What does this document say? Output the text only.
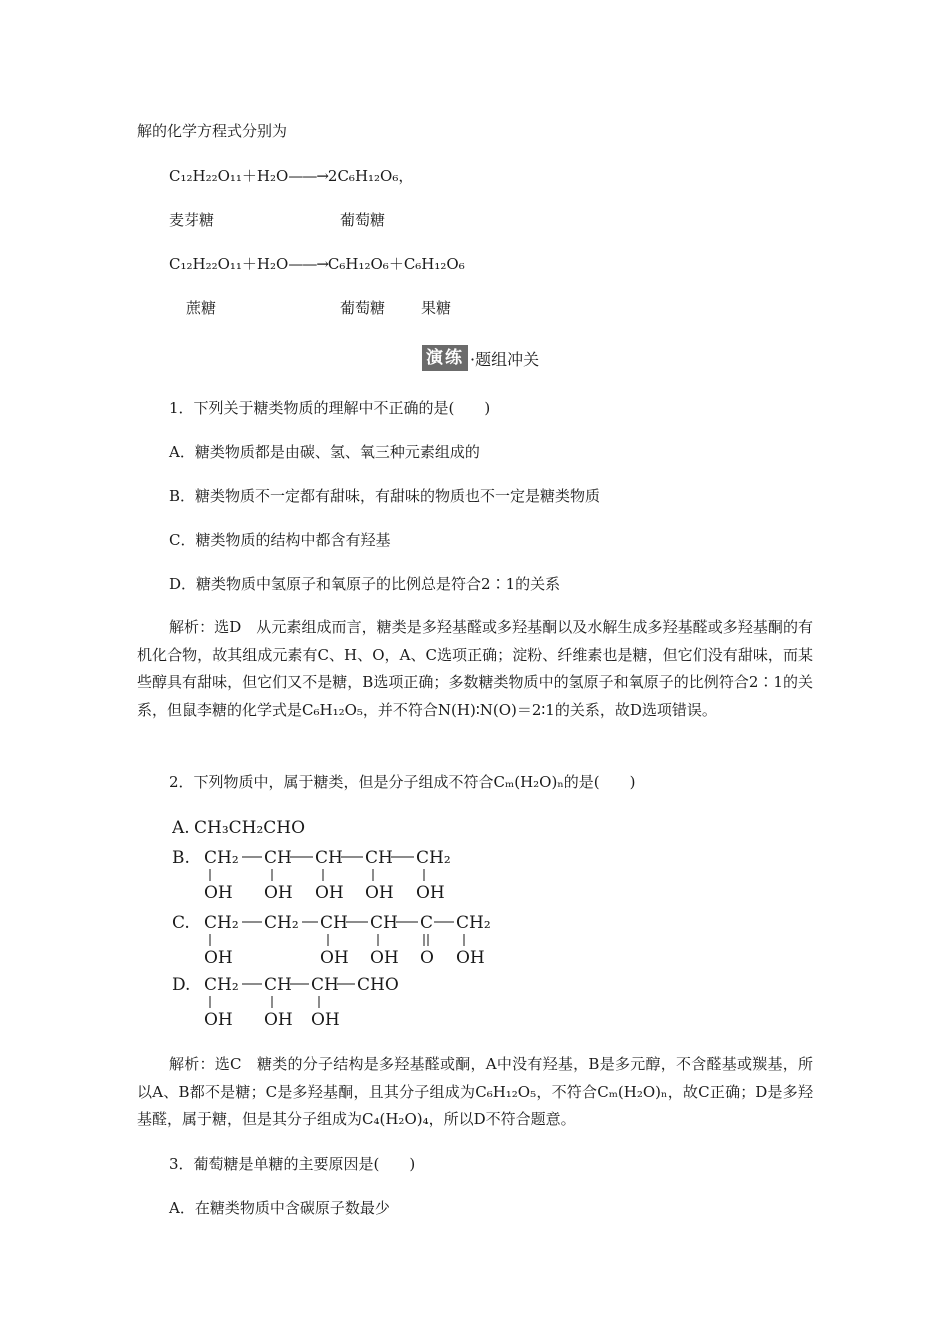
解的化学方程式分别为
C₁₂H₂₂O₁₁＋H₂O——→2C₆H₁₂O₆，
麦芽糖	葡萄糖
C₁₂H₂₂O₁₁＋H₂O——→C₆H₁₂O₆＋C₆H₁₂O₆
蔗糖	葡萄糖 果糖
演练 ·题组冲关
1．下列关于糖类物质的理解中不正确的是(　　)
A．糖类物质都是由碳、氢、氧三种元素组成的
B．糖类物质不一定都有甜味，有甜味的物质也不一定是糖类物质
C．糖类物质的结构中都含有羟基
D．糖类物质中氢原子和氧原子的比例总是符合2∶1的关系
解析：选D　从元素组成而言，糖类是多羟基醛或多羟基酮以及水解生成多羟基醛或多羟基酮的有机化合物，故其组成元素有C、H、O，A、C选项正确；淀粉、纤维素也是糖，但它们没有甜味，而某些醇具有甜味，但它们又不是糖，B选项正确；多数糖类物质中的氢原子和氧原子的比例符合2∶1的关系，但鼠李糖的化学式是C₆H₁₂O₅，并不符合N(H)∶N(O)＝2∶1的关系，故D选项错误。
2．下列物质中，属于糖类，但是分子组成不符合Cₘ(H₂O)ₙ的是(　　)
A. CH₃CH₂CHO
B. CH₂ CH CH CH CH₂
OH OH OH OH OH
C. CH₂ CH₂ CH CH C CH₂
OH	OH OH O OH
D. CH₂ CH CH CHO
OH OH OH
解析：选C　糖类的分子结构是多羟基醛或酮，A中没有羟基，B是多元醇，不含醛基或羰基，所以A、B都不是糖；C是多羟基酮，且其分子组成为C₆H₁₂O₅，不符合Cₘ(H₂O)ₙ，故C正确；D是多羟基醛，属于糖，但是其分子组成为C₄(H₂O)₄，所以D不符合题意。
3．葡萄糖是单糖的主要原因是(　　)
A．在糖类物质中含碳原子数最少
